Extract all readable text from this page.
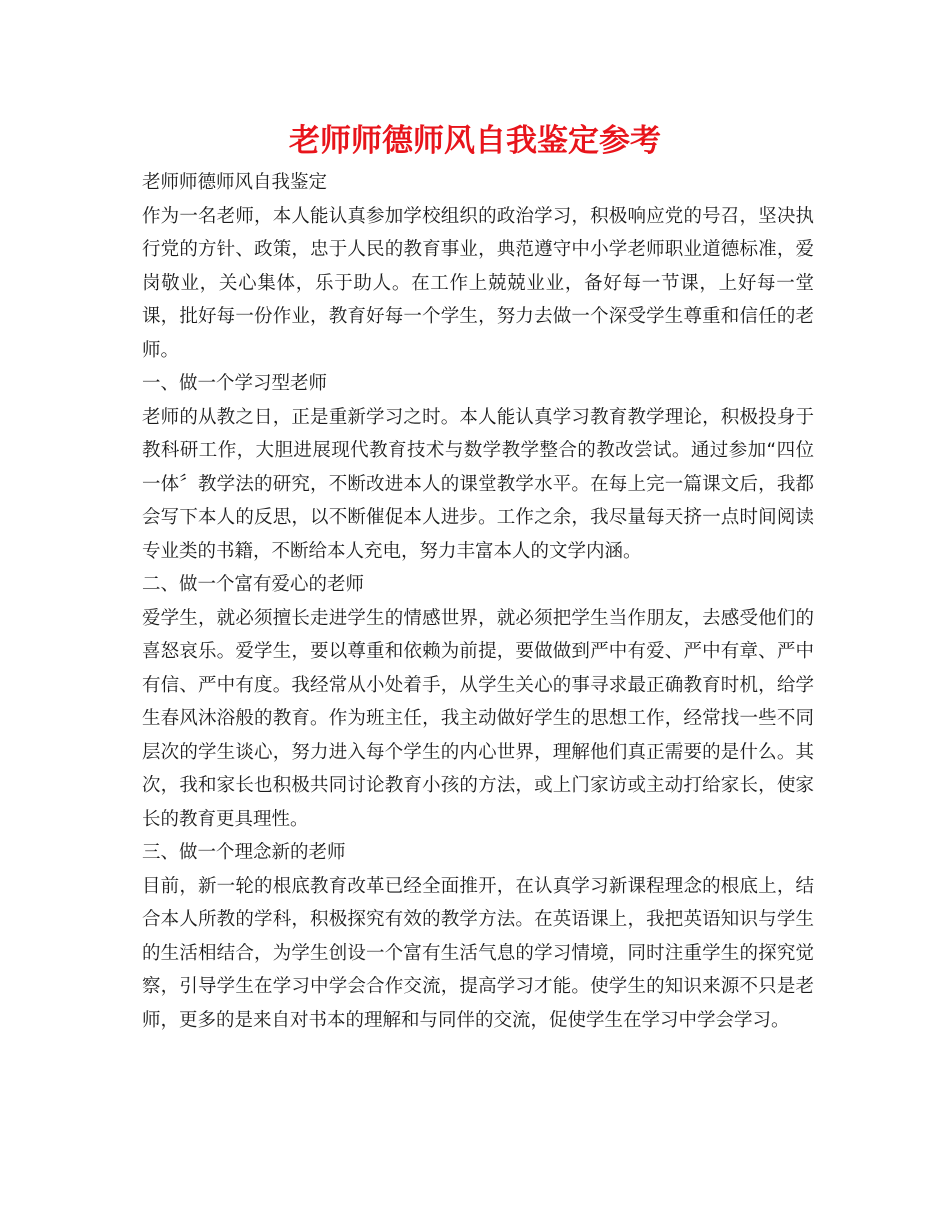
老师师德师风自我鉴定参考

老师师德师风自我鉴定

作为一名老师，本人能认真参加学校组织的政治学习，积极响应党的号召，坚决执行党的方针、政策，忠于人民的教育事业，典范遵守中小学老师职业道德标准，爱岗敬业，关心集体，乐于助人。在工作上兢兢业业，备好每一节课，上好每一堂课，批好每一份作业，教育好每一个学生，努力去做一个深受学生尊重和信任的老师。

一、做一个学习型老师

老师的从教之日，正是重新学习之时。本人能认真学习教育教学理论，积极投身于教科研工作，大胆进展现代教育技术与数学教学整合的教改尝试。通过参加“四位一体〞教学法的研究，不断改进本人的课堂教学水平。在每上完一篇课文后，我都会写下本人的反思，以不断催促本人进步。工作之余，我尽量每天挤一点时间阅读专业类的书籍，不断给本人充电，努力丰富本人的文学内涵。

二、做一个富有爱心的老师

爱学生，就必须擅长走进学生的情感世界，就必须把学生当作朋友，去感受他们的喜怒哀乐。爱学生，要以尊重和依赖为前提，要做做到严中有爱、严中有章、严中有信、严中有度。我经常从小处着手，从学生关心的事寻求最正确教育时机，给学生春风沐浴般的教育。作为班主任，我主动做好学生的思想工作，经常找一些不同层次的学生谈心，努力进入每个学生的内心世界，理解他们真正需要的是什么。其次，我和家长也积极共同讨论教育小孩的方法，或上门家访或主动打给家长，使家长的教育更具理性。

三、做一个理念新的老师

目前，新一轮的根底教育改革已经全面推开，在认真学习新课程理念的根底上，结合本人所教的学科，积极探究有效的教学方法。在英语课上，我把英语知识与学生的生活相结合，为学生创设一个富有生活气息的学习情境，同时注重学生的探究觉察，引导学生在学习中学会合作交流，提高学习才能。使学生的知识来源不只是老师，更多的是来自对书本的理解和与同伴的交流，促使学生在学习中学会学习。
